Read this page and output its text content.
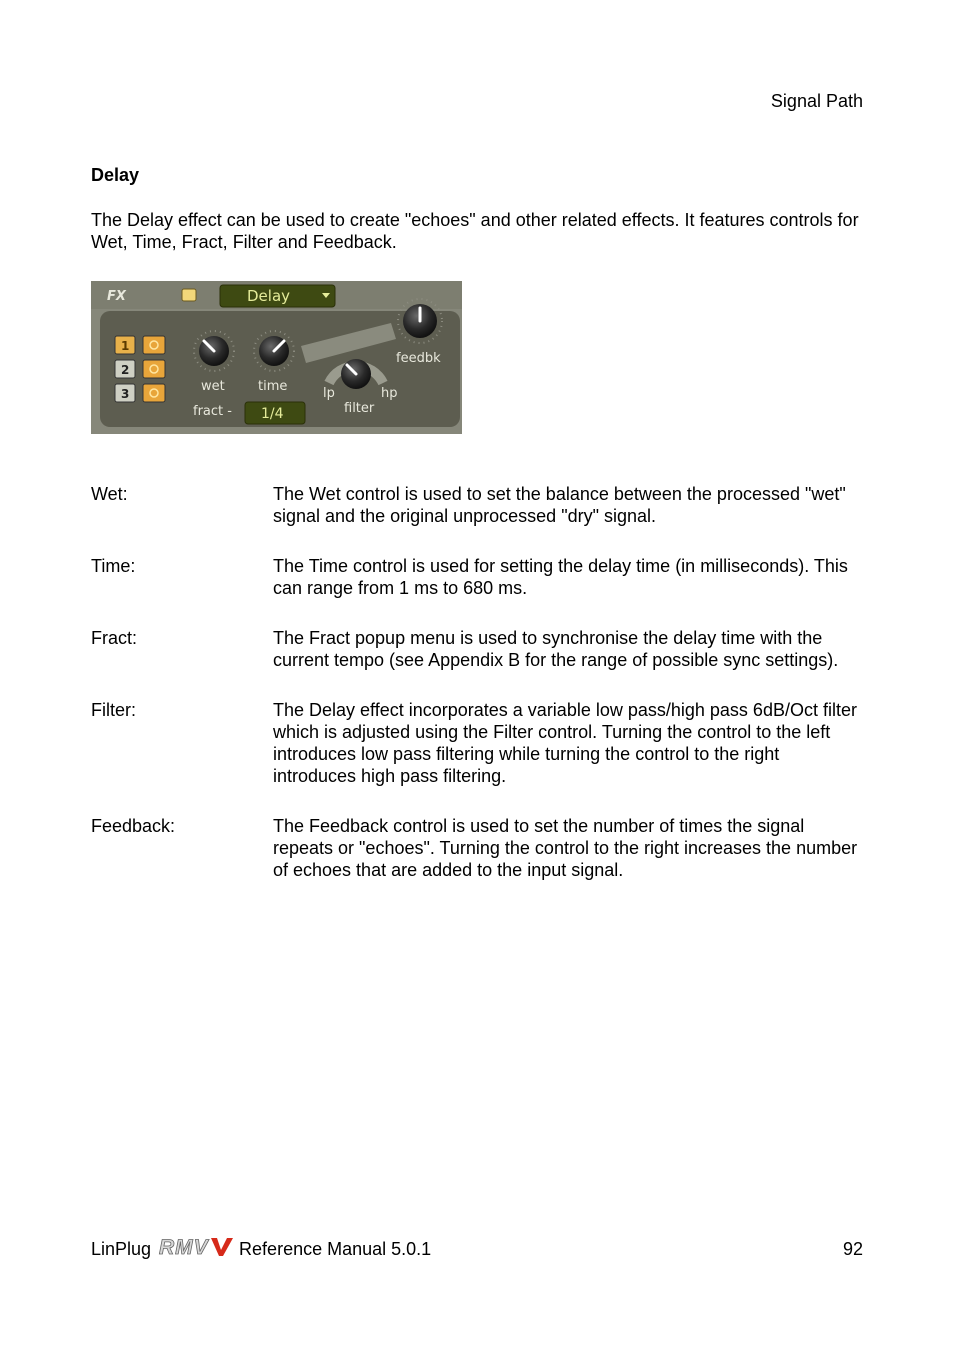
Signal Path
Delay
The Delay effect can be used to create "echoes" and other related effects. It features controls for Wet, Time, Fract, Filter and Feedback.
FX	Delay
1
2
3	wet	time
feedbk
lp	hp
filter
fract - 1/4
Wet:	The Wet control is used to set the balance between the processed "wet" signal and the original unprocessed "dry" signal.
Time:	The Time control is used for setting the delay time (in milliseconds). This can range from 1 ms to 680 ms.
Fract:	The Fract popup menu is used to synchronise the delay time with the current tempo (see Appendix B for the range of possible sync settings).
Filter:	The Delay effect incorporates a variable low pass/high pass 6dB/Oct filter which is adjusted using the Filter control. Turning the control to the left introduces low pass filtering while turning the control to the right introduces high pass filtering.
Feedback:	The Feedback control is used to set the number of times the signal repeats or "echoes". Turning the control to the right increases the number of echoes that are added to the input signal.
LinPlug RMV Reference Manual 5.0.1	92
